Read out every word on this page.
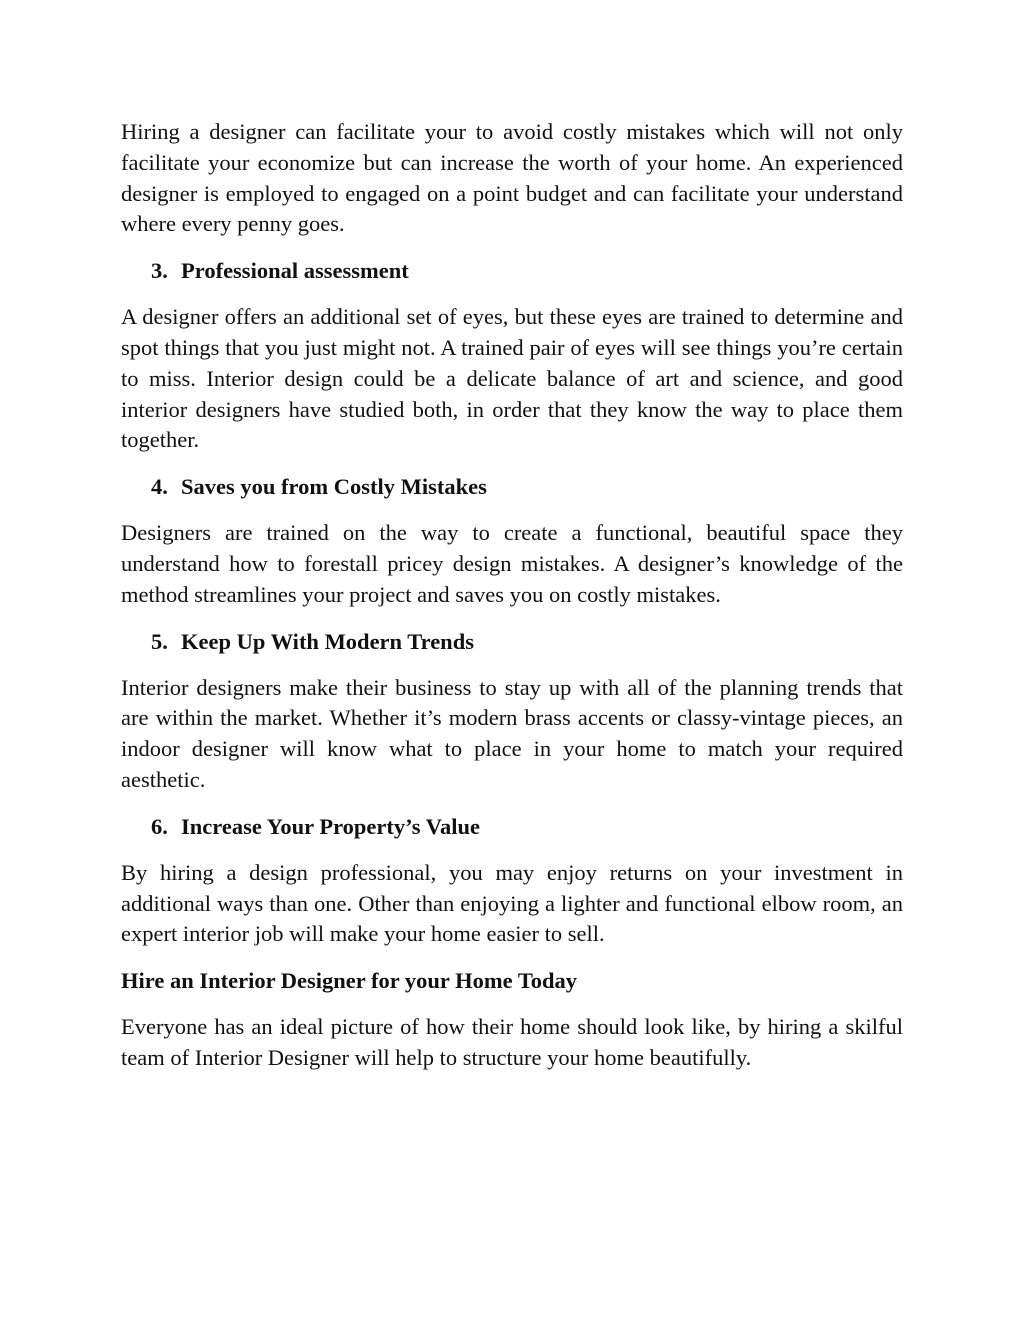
Hiring a designer can facilitate your to avoid costly mistakes which will not only facilitate your economize but can increase the worth of your home. An experienced designer is employed to engaged on a point budget and can facilitate your understand where every penny goes.

3. Professional assessment

A designer offers an additional set of eyes, but these eyes are trained to determine and spot things that you just might not. A trained pair of eyes will see things you’re certain to miss. Interior design could be a delicate balance of art and science, and good interior designers have studied both, in order that they know the way to place them together.

4. Saves you from Costly Mistakes

Designers are trained on the way to create a functional, beautiful space they understand how to forestall pricey design mistakes. A designer’s knowledge of the method streamlines your project and saves you on costly mistakes.

5. Keep Up With Modern Trends

Interior designers make their business to stay up with all of the planning trends that are within the market. Whether it’s modern brass accents or classy-vintage pieces, an indoor designer will know what to place in your home to match your required aesthetic.

6. Increase Your Property’s Value

By hiring a design professional, you may enjoy returns on your investment in additional ways than one. Other than enjoying a lighter and functional elbow room, an expert interior job will make your home easier to sell.

Hire an Interior Designer for your Home Today

Everyone has an ideal picture of how their home should look like, by hiring a skilful team of Interior Designer will help to structure your home beautifully.
